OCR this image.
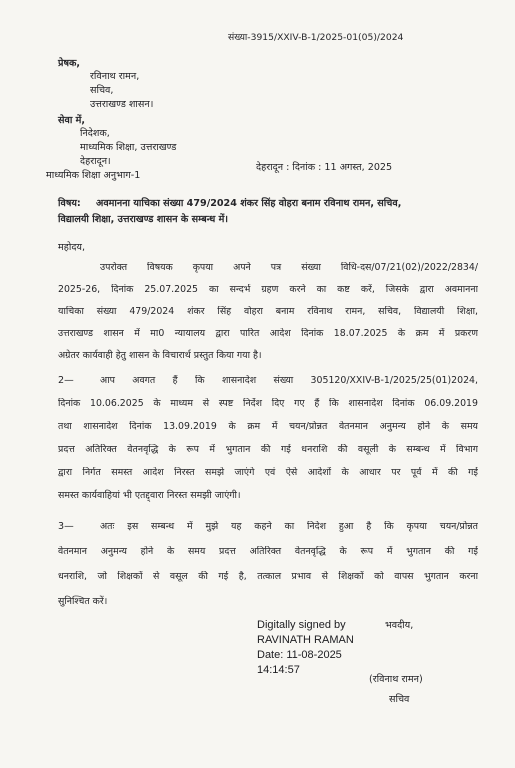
संख्या-3915/XXIV-B-1/2025-01(05)/2024
प्रेषक,
रविनाथ रामन,
सचिव,
उत्तराखण्ड शासन।
सेवा में,
निदेशक,
माध्यमिक शिक्षा, उत्तराखण्ड
देहरादून।
माध्यमिक शिक्षा अनुभाग-1
देहरादून : दिनांक : 11 अगस्त, 2025
विषय: अवमानना याचिका संख्या 479/2024 शंकर सिंह वोहरा बनाम रविनाथ रामन, सचिव,
विद्यालयी शिक्षा, उत्तराखण्ड शासन के सम्बन्ध में।
महोदय,
उपरोक्त विषयक कृपया अपने पत्र संख्या विधि-दस/07/21(02)/2022/2834/
2025-26, दिनांक 25.07.2025 का सन्दर्भ ग्रहण करने का कष्ट करें, जिसके द्वारा अवमानना
याचिका संख्या 479/2024 शंकर सिंह वोहरा बनाम रविनाथ रामन, सचिव, विद्यालयी शिक्षा,
उत्तराखण्ड शासन में मा0 न्यायालय द्वारा पारित आदेश दिनांक 18.07.2025 के क्रम में प्रकरण
अग्रेतर कार्यवाही हेतु शासन के विचारार्थ प्रस्तुत किया गया है।
2—	आप अवगत हैं कि शासनादेश संख्या 305120/XXIV-B-1/2025/25(01)2024,
दिनांक 10.06.2025 के माध्यम से स्पष्ट निर्देश दिए गए हैं कि शासनादेश दिनांक 06.09.2019
तथा शासनादेश दिनांक 13.09.2019 के क्रम में चयन/प्रोन्नत वेतनमान अनुमन्य होने के समय
प्रदत्त अतिरिक्त वेतनवृद्धि के रूप में भुगतान की गई धनराशि की वसूली के सम्बन्ध में विभाग
द्वारा निर्गत समस्त आदेश निरस्त समझे जाएंगे एवं ऐसे आदेशों के आधार पर पूर्व में की गई
समस्त कार्यवाहियां भी एतद्द्वारा निरस्त समझी जाएंगी।
3—	अतः इस सम्बन्ध में मुझे यह कहने का निदेश हुआ है कि कृपया चयन/प्रोन्नत
वेतनमान अनुमन्य होने के समय प्रदत्त अतिरिक्त वेतनवृद्धि के रूप में भुगतान की गई
धनराशि, जो शिक्षकों से वसूल की गई है, तत्काल प्रभाव से शिक्षकों को वापस भुगतान करना
सुनिश्चित करें।
Digitally signed by
RAVINATH RAMAN
Date: 11-08-2025
14:14:57
भवदीय,
(रविनाथ रामन)
सचिव
